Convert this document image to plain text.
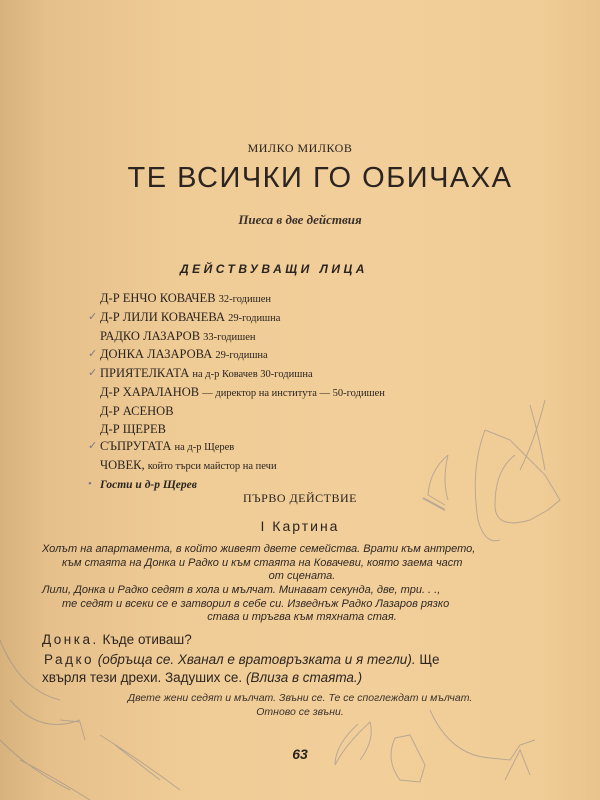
МИЛКО МИЛКОВ
ТЕ ВСИЧКИ ГО ОБИЧАХА
Пиеса в две действия
ДЕЙСТВУВАЩИ ЛИЦА
Д-Р ЕНЧО КОВАЧЕВ 32-годишен
✓ Д-Р ЛИЛИ КОВАЧЕВА 29-годишна
РАДКО ЛАЗАРОВ 33-годишен
✓ ДОНКА ЛАЗАРОВА 29-годишна
✓ ПРИЯТЕЛКАТА на д-р Ковачев 30-годишна
Д-Р ХАРАЛАНОВ — директор на института — 50-годишен
Д-Р АСЕНОВ
Д-Р ЩЕРЕВ
✓ СЪПРУГАТА на д-р Щерев
ЧОВЕК, който търси майстор на печи
• Гости и д-р Щерев
ПЪРВО ДЕЙСТВИЕ
I Картина
Холът на апартамента, в който живеят двете семейства. Врати към антрето,
към стаята на Донка и Радко и към стаята на Ковачеви, която заема част
от сцената.
Лили, Донка и Радко седят в хола и мълчат. Минават секунда, две, три. . .,
те седят и всеки се е затворил в себе си. Изведнъж Радко Лазаров рязко
става и тръгва към тяхната стая.
Донка. Къде отиваш?
Радко (обръща се. Хванал е вратовръзката и я тегли). Ще
хвърля тези дрехи. Задуших се. (Влиза в стаята.)
Двете жени седят и мълчат. Звъни се. Те се споглеждат и мълчат.
Отново се звъни.
63
